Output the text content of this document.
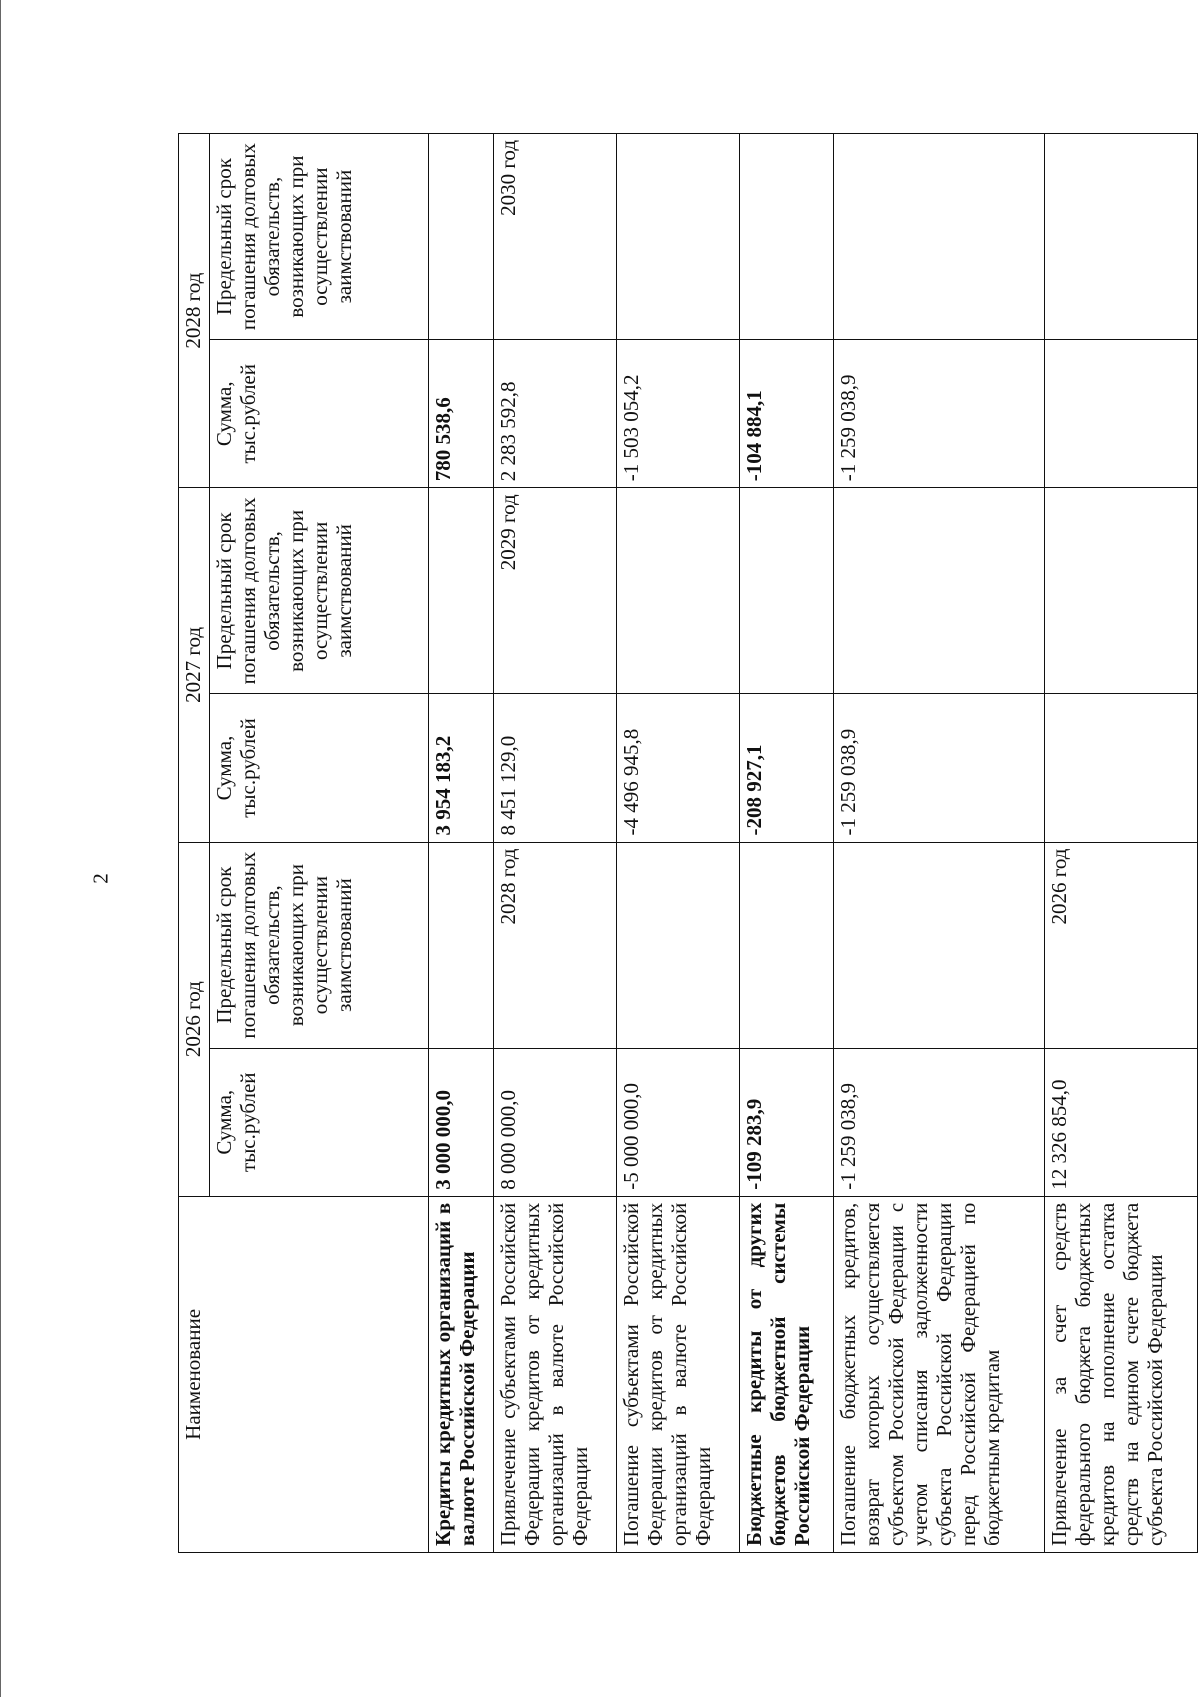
2
Наименование	2026 год		2027 год		2028 год	
	Сумма, тыс.рублей	Предельный срок погашения долговых обязательств, возникающих при осуществлении заимствований	Сумма, тыс.рублей	Предельный срок погашения долговых обязательств, возникающих при осуществлении заимствований	Сумма, тыс.рублей	Предельный срок погашения долговых обязательств, возникающих при осуществлении заимствований
Кредиты кредитных организаций в валюте Российской Федерации	3 000 000,0		3 954 183,2		780 538,6	
Привлечение субъектами Российской Федерации кредитов от кредитных организаций в валюте Российской Федерации	8 000 000,0	2028 год	8 451 129,0	2029 год	2 283 592,8	2030 год
Погашение субъектами Российской Федерации кредитов от кредитных организаций в валюте Российской Федерации	-5 000 000,0		-4 496 945,8		-1 503 054,2	
Бюджетные кредиты от других бюджетов бюджетной системы Российской Федерации	-109 283,9		-208 927,1		-104 884,1	
Погашение бюджетных кредитов, возврат которых осуществляется субъектом Российской Федерации с учетом списания задолженности субъекта Российской Федерации перед Российской Федерацией по бюджетным кредитам	-1 259 038,9		-1 259 038,9		-1 259 038,9	
Привлечение за счет средств федерального бюджета бюджетных кредитов на пополнение остатка средств на едином счете бюджета субъекта Российской Федерации	12 326 854,0	2026 год				
